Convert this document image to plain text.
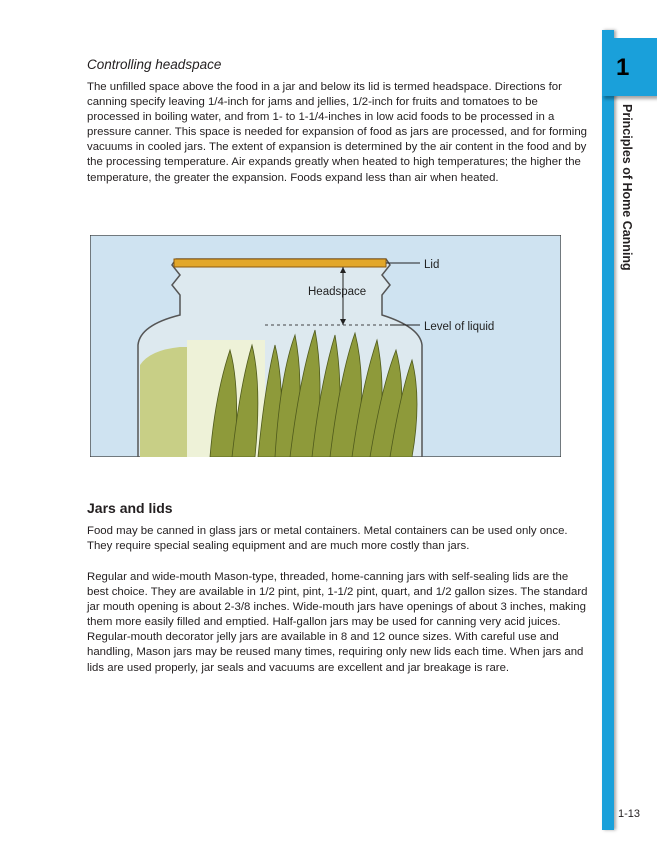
1
Principles of Home Canning
Controlling headspace

The unfilled space above the food in a jar and below its lid is termed headspace. Directions for canning specify leaving 1/4-inch for jams and jellies, 1/2-inch for fruits and tomatoes to be processed in boiling water, and from 1- to 1-1/4-inches in low acid foods to be processed in a pressure canner. This space is needed for expansion of food as jars are processed, and for forming vacuums in cooled jars. The extent of expansion is determined by the air content in the food and by the processing temperature. Air expands greatly when heated to high temperatures; the higher the temperature, the greater the expansion. Foods expand less than air when heated.

Lid
Headspace
Level of liquid
Jars and lids

Food may be canned in glass jars or metal containers. Metal containers can be used only once. They require special sealing equipment and are much more costly than jars.

Regular and wide-mouth Mason-type, threaded, home-canning jars with self-sealing lids are the best choice. They are available in 1/2 pint, pint, 1-1/2 pint, quart, and 1/2 gallon sizes. The standard jar mouth opening is about 2-3/8 inches. Wide-mouth jars have openings of about 3 inches, making them more easily filled and emptied. Half-gallon jars may be used for canning very acid juices. Regular-mouth decorator jelly jars are available in 8 and 12 ounce sizes. With careful use and handling, Mason jars may be reused many times, requiring only new lids each time. When jars and lids are used properly, jar seals and vacuums are excellent and jar breakage is rare.

1-13
